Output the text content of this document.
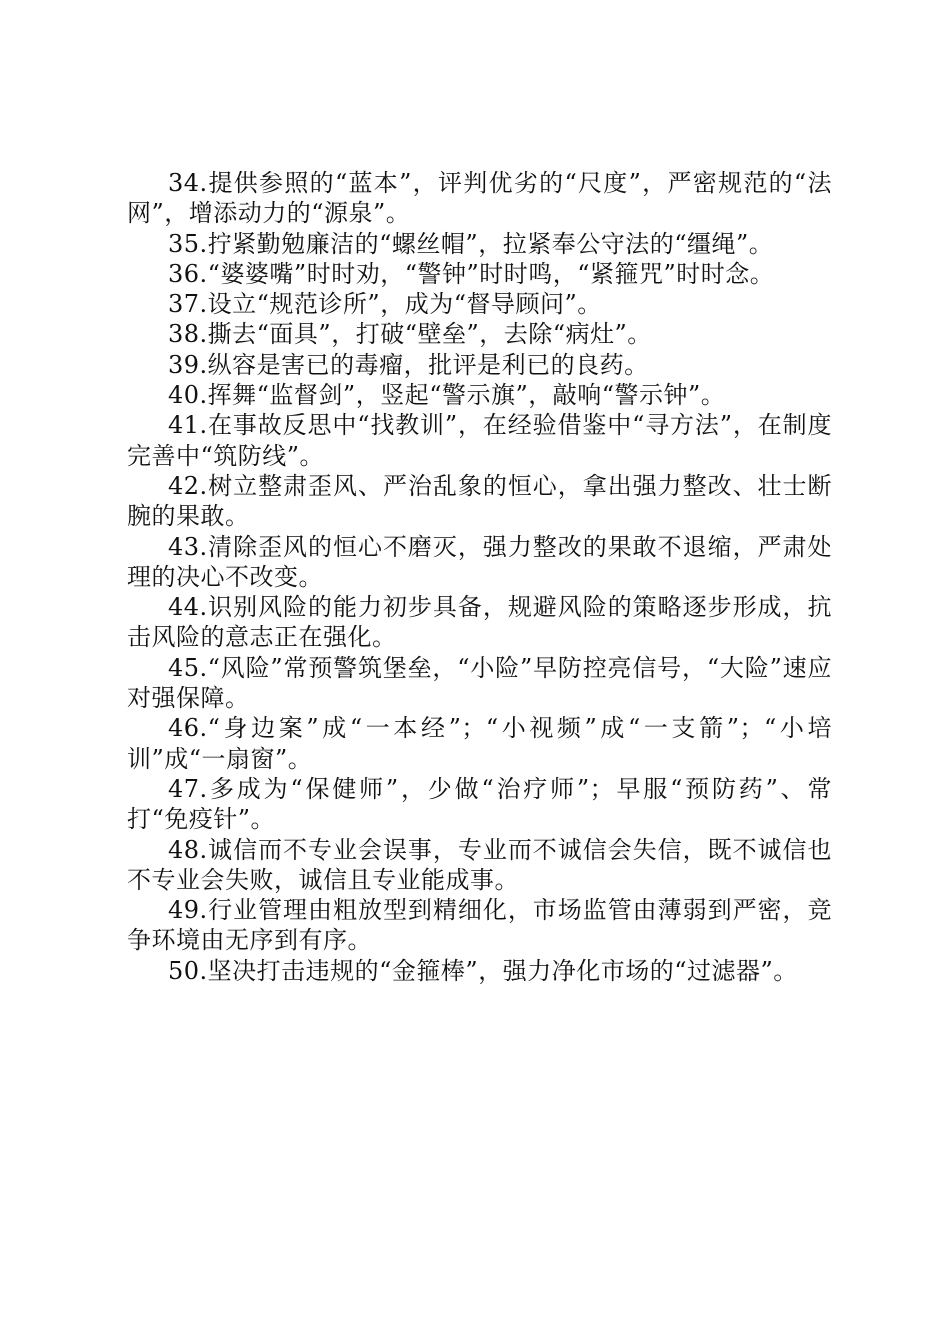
34.提供参照的“蓝本”，评判优劣的“尺度”，严密规范的“法网”，增添动力的“源泉”。

35.拧紧勤勉廉洁的“螺丝帽”，拉紧奉公守法的“缰绳”。

36.“婆婆嘴”时时劝，“警钟”时时鸣，“紧箍咒”时时念。

37.设立“规范诊所”，成为“督导顾问”。

38.撕去“面具”，打破“壁垒”，去除“病灶”。

39.纵容是害已的毒瘤，批评是利已的良药。

40.挥舞“监督剑”，竖起“警示旗”，敲响“警示钟”。

41.在事故反思中“找教训”，在经验借鉴中“寻方法”，在制度完善中“筑防线”。

42.树立整肃歪风、严治乱象的恒心，拿出强力整改、壮士断腕的果敢。

43.清除歪风的恒心不磨灭，强力整改的果敢不退缩，严肃处理的决心不改变。

44.识别风险的能力初步具备，规避风险的策略逐步形成，抗击风险的意志正在强化。

45.“风险”常预警筑堡垒，“小险”早防控亮信号，“大险”速应对强保障。

46.“身边案”成“一本经”；“小视频”成“一支箭”；“小培训”成“一扇窗”。

47.多成为“保健师”，少做“治疗师”；早服“预防药”、常打“免疫针”。

48.诚信而不专业会误事，专业而不诚信会失信，既不诚信也不专业会失败，诚信且专业能成事。

49.行业管理由粗放型到精细化，市场监管由薄弱到严密，竞争环境由无序到有序。

50.坚决打击违规的“金箍棒”，强力净化市场的“过滤器”。
